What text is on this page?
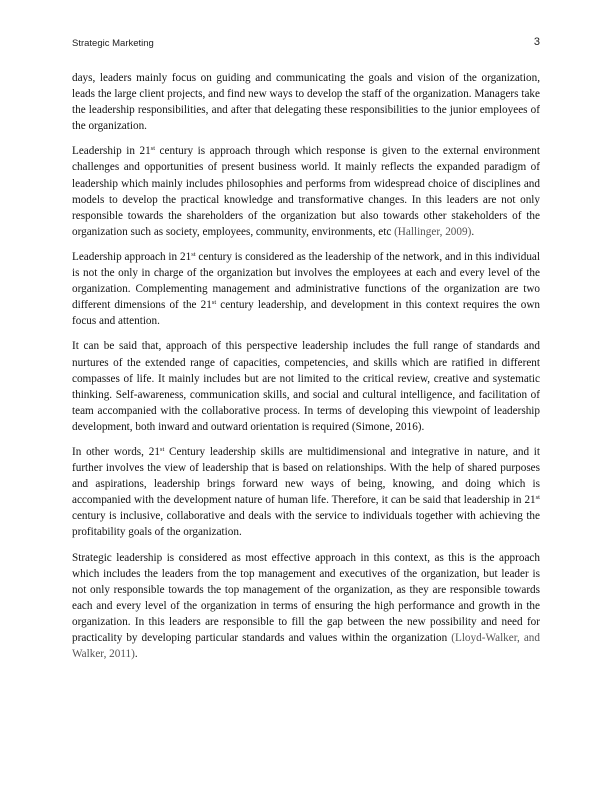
Strategic Marketing	3

days, leaders mainly focus on guiding and communicating the goals and vision of the organization, leads the large client projects, and find new ways to develop the staff of the organization. Managers take the leadership responsibilities, and after that delegating these responsibilities to the junior employees of the organization.

Leadership in 21st century is approach through which response is given to the external environment challenges and opportunities of present business world. It mainly reflects the expanded paradigm of leadership which mainly includes philosophies and performs from widespread choice of disciplines and models to develop the practical knowledge and transformative changes. In this leaders are not only responsible towards the shareholders of the organization but also towards other stakeholders of the organization such as society, employees, community, environments, etc (Hallinger, 2009).

Leadership approach in 21st century is considered as the leadership of the network, and in this individual is not the only in charge of the organization but involves the employees at each and every level of the organization. Complementing management and administrative functions of the organization are two different dimensions of the 21st century leadership, and development in this context requires the own focus and attention.

It can be said that, approach of this perspective leadership includes the full range of standards and nurtures of the extended range of capacities, competencies, and skills which are ratified in different compasses of life. It mainly includes but are not limited to the critical review, creative and systematic thinking. Self-awareness, communication skills, and social and cultural intelligence, and facilitation of team accompanied with the collaborative process. In terms of developing this viewpoint of leadership development, both inward and outward orientation is required (Simone, 2016).

In other words, 21st Century leadership skills are multidimensional and integrative in nature, and it further involves the view of leadership that is based on relationships. With the help of shared purposes and aspirations, leadership brings forward new ways of being, knowing, and doing which is accompanied with the development nature of human life. Therefore, it can be said that leadership in 21st century is inclusive, collaborative and deals with the service to individuals together with achieving the profitability goals of the organization.

Strategic leadership is considered as most effective approach in this context, as this is the approach which includes the leaders from the top management and executives of the organization, but leader is not only responsible towards the top management of the organization, as they are responsible towards each and every level of the organization in terms of ensuring the high performance and growth in the organization. In this leaders are responsible to fill the gap between the new possibility and need for practicality by developing particular standards and values within the organization (Lloyd-Walker, and Walker, 2011).
